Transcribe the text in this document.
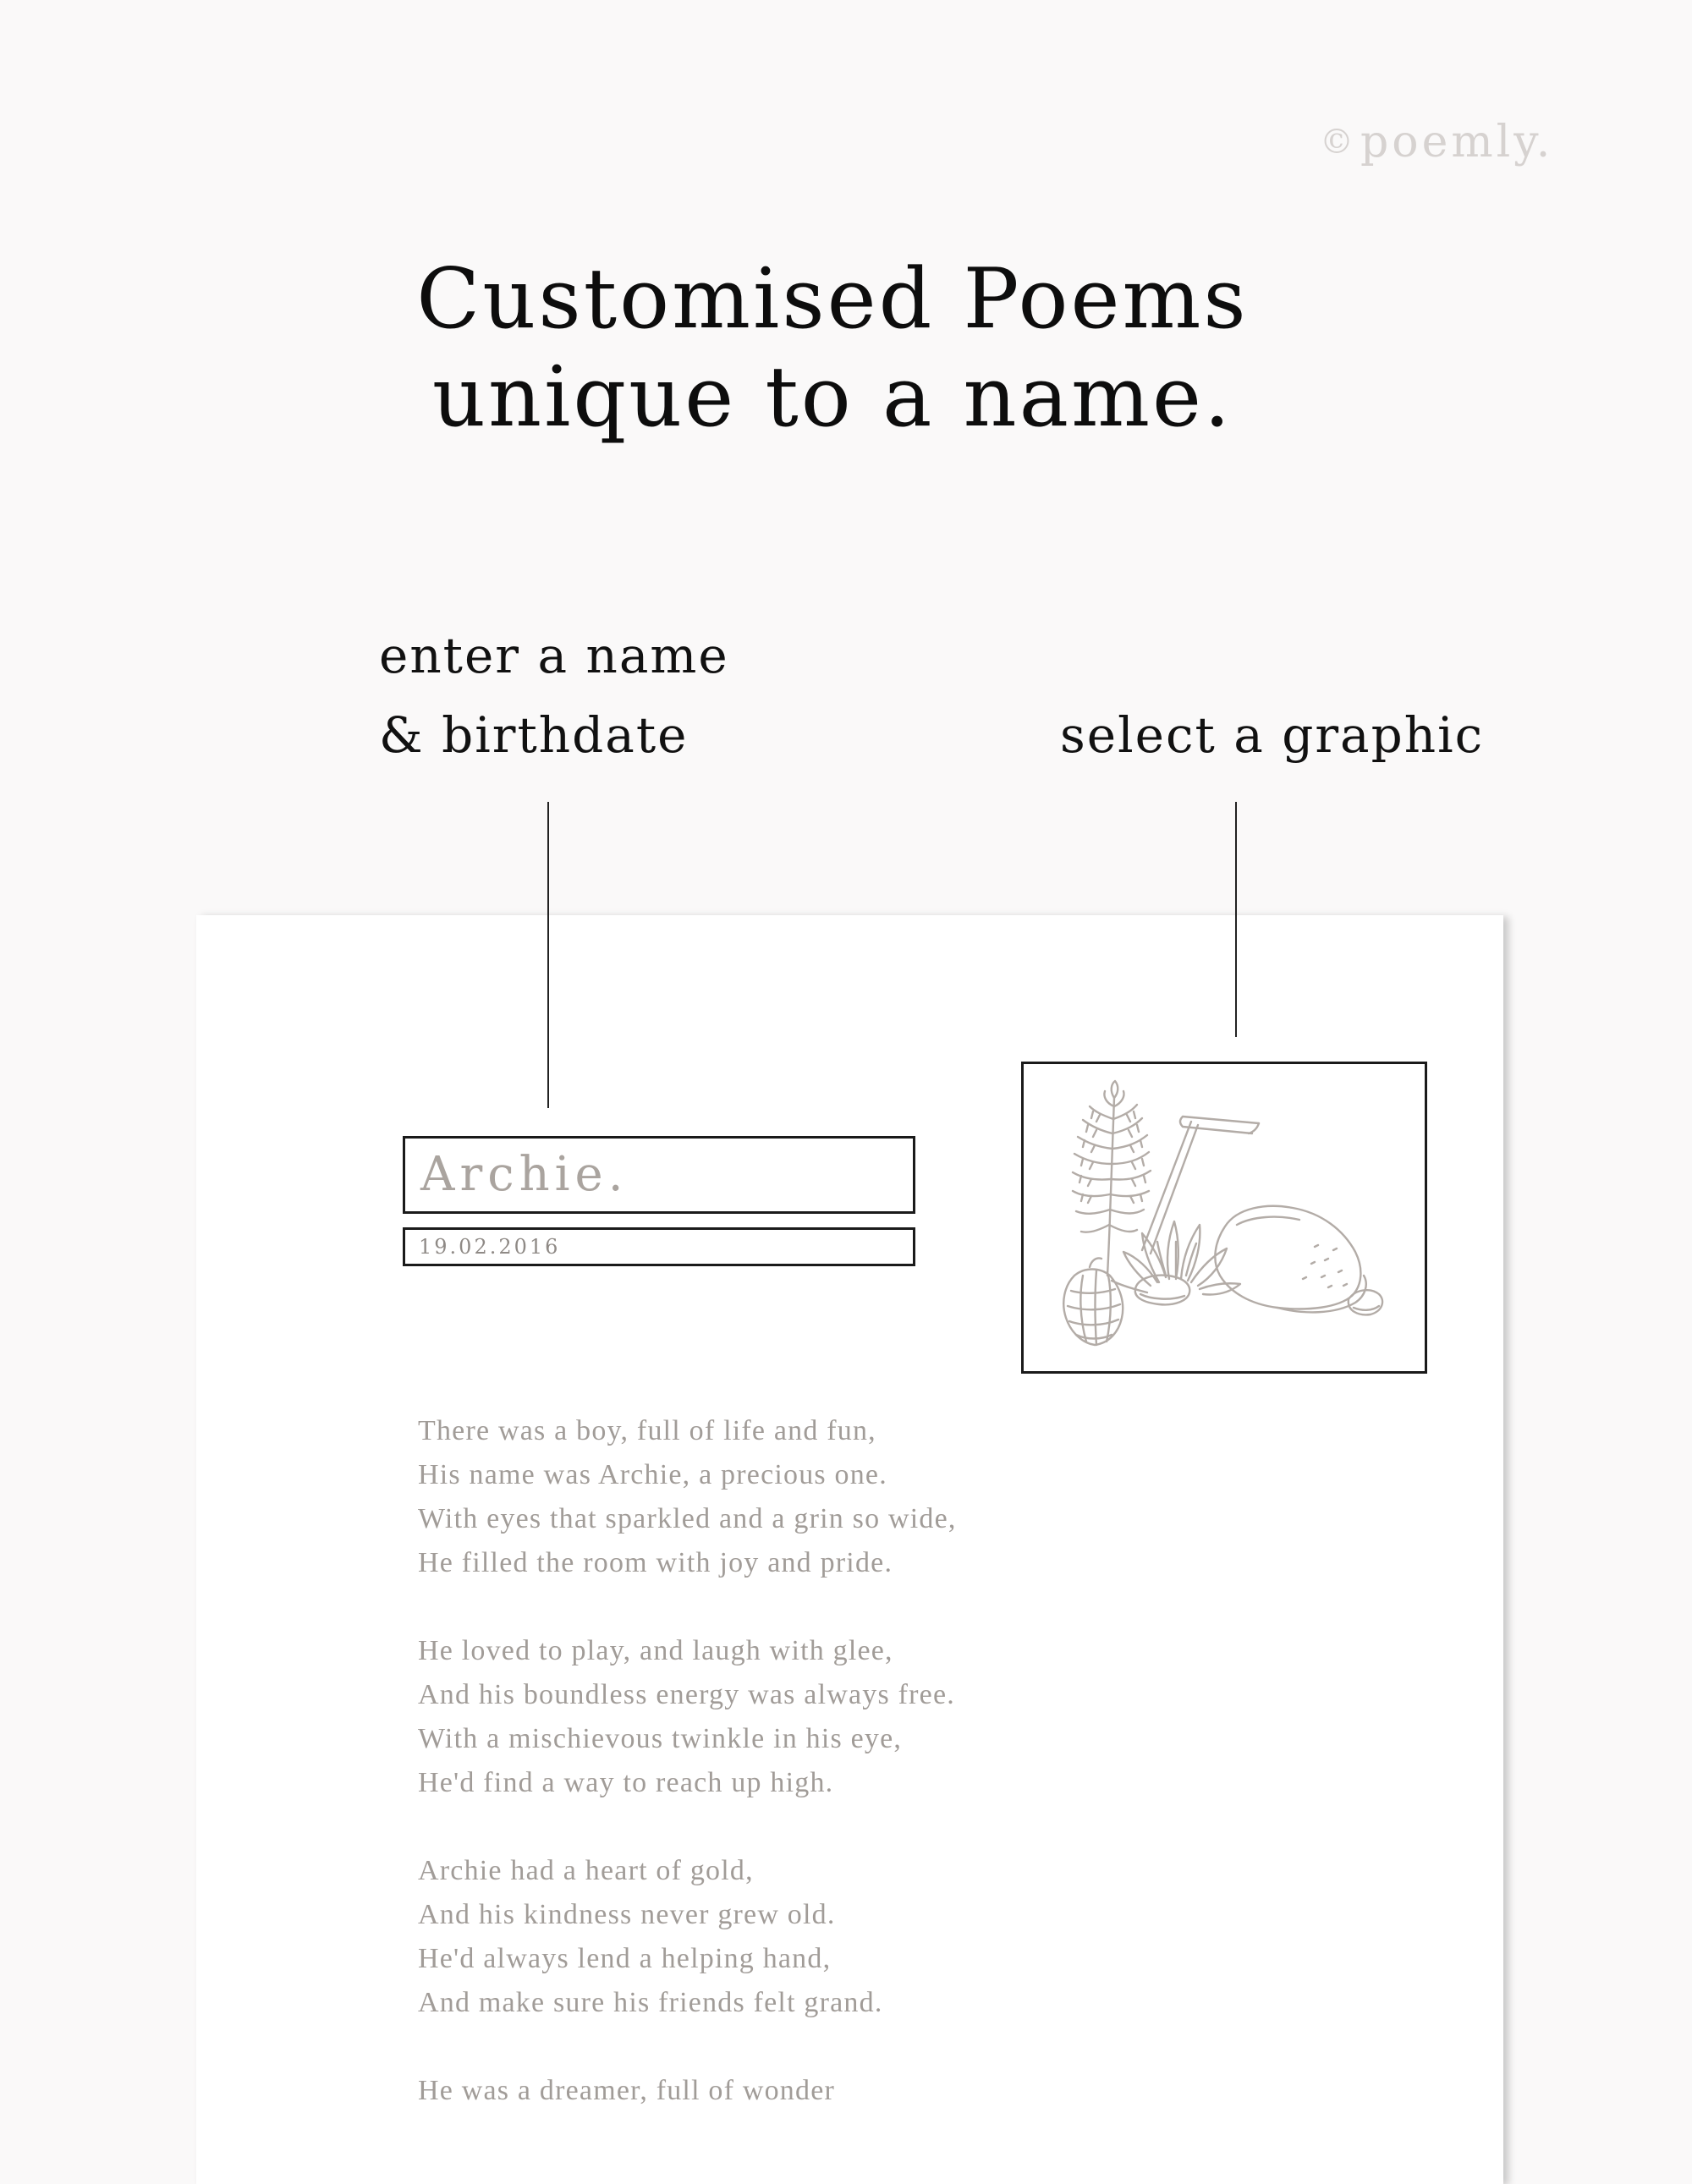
© poemly.
Customised Poems
unique to a name.
enter a name
& birthdate	select a graphic
Archie.
19.02.2016
There was a boy, full of life and fun,
His name was Archie, a precious one.
With eyes that sparkled and a grin so wide,
He filled the room with joy and pride.
He loved to play, and laugh with glee,
And his boundless energy was always free.
With a mischievous twinkle in his eye,
He'd find a way to reach up high.
Archie had a heart of gold,
And his kindness never grew old.
He'd always lend a helping hand,
And make sure his friends felt grand.
He was a dreamer, full of wonder
